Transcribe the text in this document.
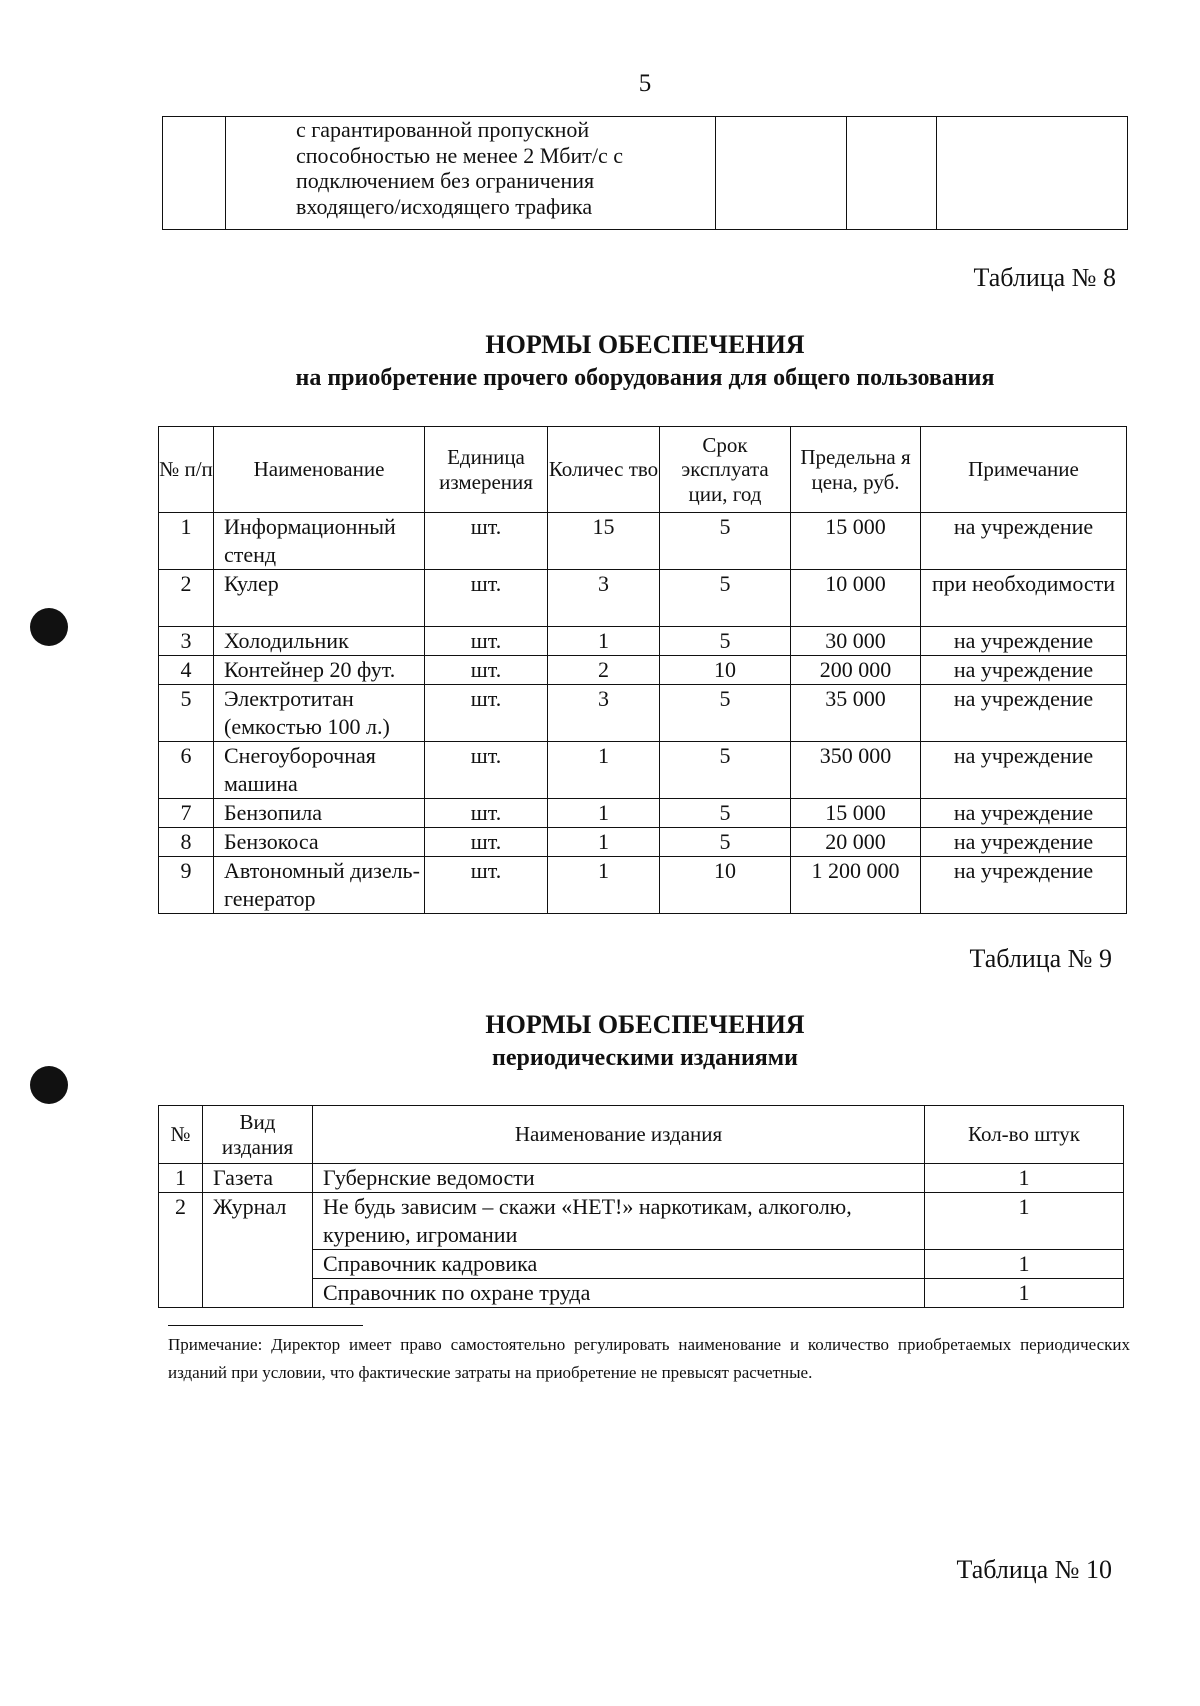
5
	с гарантированной пропускной способностью не менее 2 Мбит/с с подключением без ограничения входящего/исходящего трафика			
Таблица № 8
НОРМЫ ОБЕСПЕЧЕНИЯ
на приобретение прочего оборудования для общего пользования
№ п/п	Наименование	Единица измерения	Количес тво	Срок эксплуата ции, год	Предельна я цена, руб.	Примечание
1	Информационный стенд	шт.	15	5	15 000	на учреждение
2	Кулер	шт.	3	5	10 000	при необходимости
3	Холодильник	шт.	1	5	30 000	на учреждение
4	Контейнер 20 фут.	шт.	2	10	200 000	на учреждение
5	Электротитан (емкостью 100 л.)	шт.	3	5	35 000	на учреждение
6	Снегоуборочная машина	шт.	1	5	350 000	на учреждение
7	Бензопила	шт.	1	5	15 000	на учреждение
8	Бензокоса	шт.	1	5	20 000	на учреждение
9	Автономный дизель-генератор	шт.	1	10	1 200 000	на учреждение
Таблица № 9
НОРМЫ ОБЕСПЕЧЕНИЯ
периодическими изданиями
№	Вид издания	Наименование издания	Кол-во штук
1	Газета	Губернские ведомости	1
2	Журнал	Не будь зависим – скажи «НЕТ!» наркотикам, алкоголю, курению, игромании	1
		Справочник кадровика	1
		Справочник по охране труда	1
Примечание: Директор имеет право самостоятельно регулировать наименование и количество приобретаемых периодических изданий при условии, что фактические затраты на приобретение не превысят расчетные.
Таблица № 10
